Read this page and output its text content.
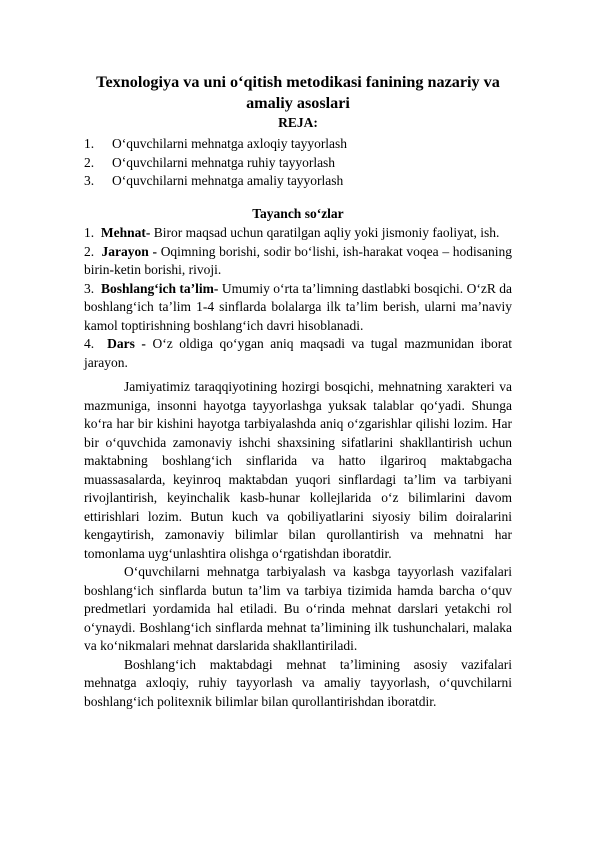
Texnologiya va uni o‘qitish metodikasi fanining nazariy va amaliy asoslari
REJA:
1.	O‘quvchilarni mehnatga axloqiy tayyorlash
2.	O‘quvchilarni mehnatga ruhiy tayyorlash
3.	O‘quvchilarni mehnatga amaliy tayyorlash
Tayanch so‘zlar

1. Mehnat- Biror maqsad uchun qaratilgan aqliy yoki jismoniy faoliyat, ish.

2. Jarayon - Oqimning borishi, sodir bo‘lishi, ish-harakat voqea – hodisaning birin-ketin borishi, rivoji.

3. Boshlang‘ich ta’lim- Umumiy o‘rta ta’limning dastlabki bosqichi. O‘zR da boshlang‘ich ta’lim 1-4 sinflarda bolalarga ilk ta’lim berish, ularni ma’naviy kamol toptirishning boshlang‘ich davri hisoblanadi.

4. Dars - O‘z oldiga qo‘ygan aniq maqsadi va tugal mazmunidan iborat jarayon.

Jamiyatimiz taraqqiyotining hozirgi bosqichi, mehnatning xarakteri va mazmuniga, insonni hayotga tayyorlashga yuksak talablar qo‘yadi. Shunga ko‘ra har bir kishini hayotga tarbiyalashda aniq o‘zgarishlar qilishi lozim. Har bir o‘quvchida zamonaviy ishchi shaxsining sifatlarini shakllantirish uchun maktabning boshlang‘ich sinflarida va hatto ilgariroq maktabgacha muassasalarda, keyinroq maktabdan yuqori sinflardagi ta’lim va tarbiyani rivojlantirish, keyinchalik kasb-hunar kollejlarida o‘z bilimlarini davom ettirishlari lozim. Butun kuch va qobiliyatlarini siyosiy bilim doiralarini kengaytirish, zamonaviy bilimlar bilan qurollantirish va mehnatni har tomonlama uyg‘unlashtira olishga o‘rgatishdan iboratdir.

O‘quvchilarni mehnatga tarbiyalash va kasbga tayyorlash vazifalari boshlang‘ich sinflarda butun ta’lim va tarbiya tizimida hamda barcha o‘quv predmetlari yordamida hal etiladi. Bu o‘rinda mehnat darslari yetakchi rol o‘ynaydi. Boshlang‘ich sinflarda mehnat ta’limining ilk tushunchalari, malaka va ko‘nikmalari mehnat darslarida shakllantiriladi.

Boshlang‘ich maktabdagi mehnat ta’limining asosiy vazifalari mehnatga axloqiy, ruhiy tayyorlash va amaliy tayyorlash, o‘quvchilarni boshlang‘ich politexnik bilimlar bilan qurollantirishdan iboratdir.
